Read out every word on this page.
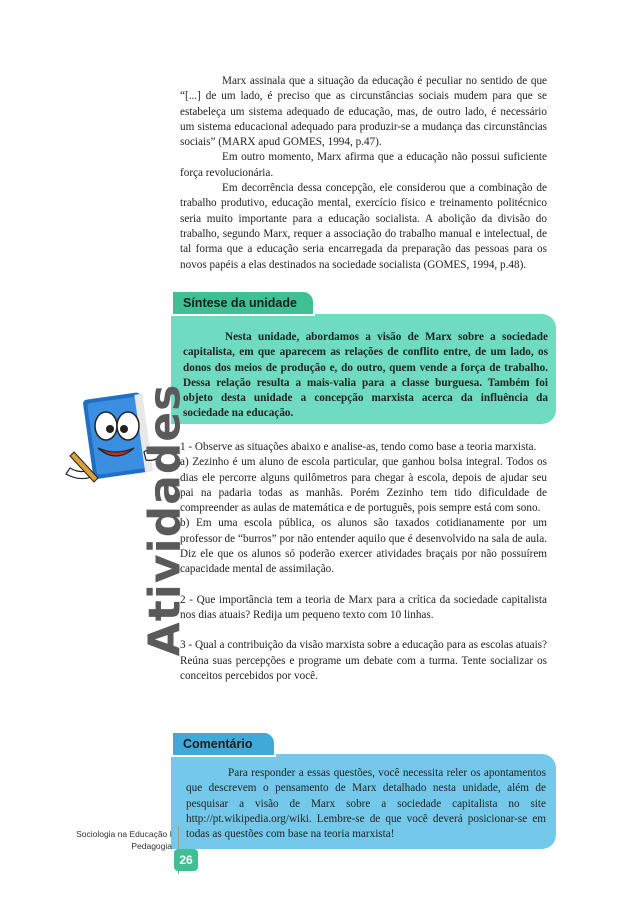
Marx assinala que a situação da educação é peculiar no sentido de que “[...] de um lado, é preciso que as circunstâncias sociais mudem para que se estabeleça um sistema adequado de educação, mas, de outro lado, é necessário um sistema educacional adequado para produzir-se a mudança das circunstâncias sociais” (MARX apud GOMES, 1994, p.47).

Em outro momento, Marx afirma que a educação não possui suficiente força revolucionária.

Em decorrência dessa concepção, ele considerou que a combinação de trabalho produtivo, educação mental, exercício físico e treinamento politécnico seria muito importante para a educação socialista. A abolição da divisão do trabalho, segundo Marx, requer a associação do trabalho manual e intelectual, de tal forma que a educação seria encarregada da preparação das pessoas para os novos papéis a elas destinados na sociedade socialista (GOMES, 1994, p.48).

Síntese da unidade

Nesta unidade, abordamos a visão de Marx sobre a sociedade capitalista, em que aparecem as relações de conflito entre, de um lado, os donos dos meios de produção e, do outro, quem vende a força de trabalho. Dessa relação resulta a mais-valia para a classe burguesa. Também foi objeto desta unidade a concepção marxista acerca da influência da sociedade na educação.

Atividades

1 - Observe as situações abaixo e analise-as, tendo como base a teoria marxista.

a) Zezinho é um aluno de escola particular, que ganhou bolsa integral. Todos os dias ele percorre alguns quilômetros para chegar à escola, depois de ajudar seu pai na padaria todas as manhãs. Porém Zezinho tem tido dificuldade de compreender as aulas de matemática e de português, pois sempre está com sono.

b) Em uma escola pública, os alunos são taxados cotidianamente por um professor de “burros” por não entender aquilo que é desenvolvido na sala de aula. Diz ele que os alunos só poderão exercer atividades braçais por não possuírem capacidade mental de assimilação.

2 - Que importância tem a teoria de Marx para a crítica da sociedade capitalista nos dias atuais? Redija um pequeno texto com 10 linhas.

3 - Qual a contribuição da visão marxista sobre a educação para as escolas atuais? Reúna suas percepções e programe um debate com a turma. Tente socializar os conceitos percebidos por você.

Comentário

Para responder a essas questões, você necessita reler os apontamentos que descrevem o pensamento de Marx detalhado nesta unidade, além de pesquisar a visão de Marx sobre a sociedade capitalista no site http://pt.wikipedia.org/wiki. Lembre-se de que você deverá posicionar-se em todas as questões com base na teoria marxista!

Sociologia na Educação I
Pedagogia
26
